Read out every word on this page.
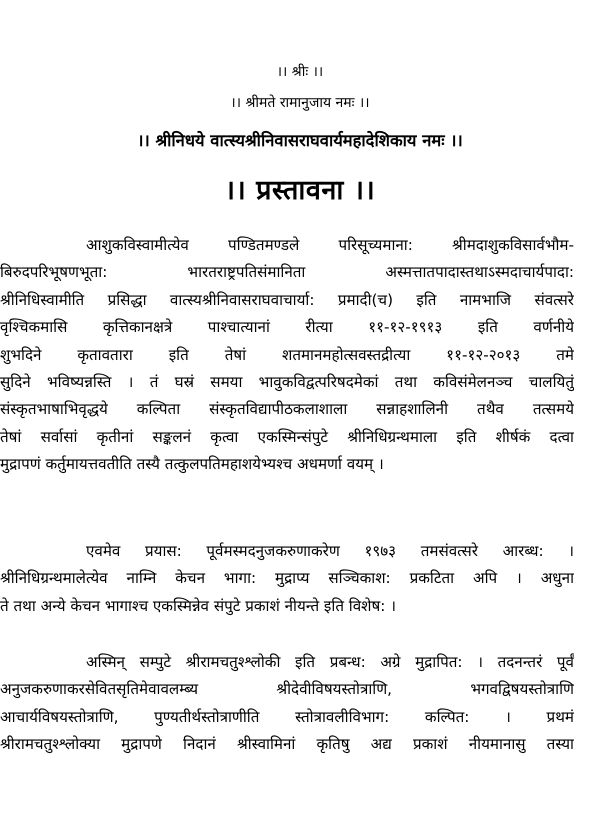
।। श्रीः ।।
।। श्रीमते रामानुजाय नमः ।।
।। श्रीनिधये वात्स्यश्रीनिवासराघवार्यमहादेशिकाय नमः ।।
।। प्रस्तावना ।।
आशुकविस्वामीत्येव पण्डितमण्डले परिसूच्यमाना: श्रीमदाशुकविसार्वभौम-
बिरुदपरिभूषणभूता: भारतराष्ट्रपतिसंमानिता अस्मत्तातपादास्तथाऽस्मदाचार्यपादा:
श्रीनिधिस्वामीति प्रसिद्धा वात्स्यश्रीनिवासराघवाचार्या: प्रमादी(च) इति नामभाजि संवत्सरे
वृश्चिकमासि कृत्तिकानक्षत्रे पाश्चात्यानां रीत्या ११-१२-१९१३ इति वर्णनीये
शुभदिने कृतावतारा इति तेषां शतमानमहोत्सवस्तद्रीत्या ११-१२-२०१३ तमे
सुदिने भविष्यन्नस्ति । तं घस्रं समया भावुकविद्वत्परिषदमेकां तथा कविसंमेलनञ्च चालयितुं
संस्कृतभाषाभिवृद्धये कल्पिता संस्कृतविद्यापीठकलाशाला सन्नाहशालिनी तथैव तत्समये
तेषां सर्वासां कृतीनां सङ्कलनं कृत्वा एकस्मिन्संपुटे श्रीनिधिग्रन्थमाला इति शीर्षकं दत्वा
मुद्रापणं कर्तुमायत्तवतीति तस्यै तत्कुलपतिमहाशयेभ्यश्च अधमर्णा वयम् ।
एवमेव प्रयास: पूर्वमस्मदनुजकरुणाकरेण १९७३ तमसंवत्सरे आरब्ध: ।
श्रीनिधिग्रन्थमालेत्येव नाम्नि केचन भागा: मुद्राप्य सञ्चिकाश: प्रकटिता अपि । अधुना
ते तथा अन्ये केचन भागाश्च एकस्मिन्नेव संपुटे प्रकाशं नीयन्ते इति विशेष: ।
अस्मिन् सम्पुटे श्रीरामचतुश्श्लोकी इति प्रबन्ध: अग्रे मुद्रापित: । तदनन्तरं पूर्वं
अनुजकरुणाकरसेवितसृतिमेवावलम्ब्य श्रीदेवीविषयस्तोत्राणि, भगवद्विषयस्तोत्राणि
आचार्यविषयस्तोत्राणि, पुण्यतीर्थस्तोत्राणीति स्तोत्रावलीविभाग: कल्पित: । प्रथमं
श्रीरामचतुश्श्लोक्या मुद्रापणे निदानं श्रीस्वामिनां कृतिषु अद्य प्रकाशं नीयमानासु तस्या
